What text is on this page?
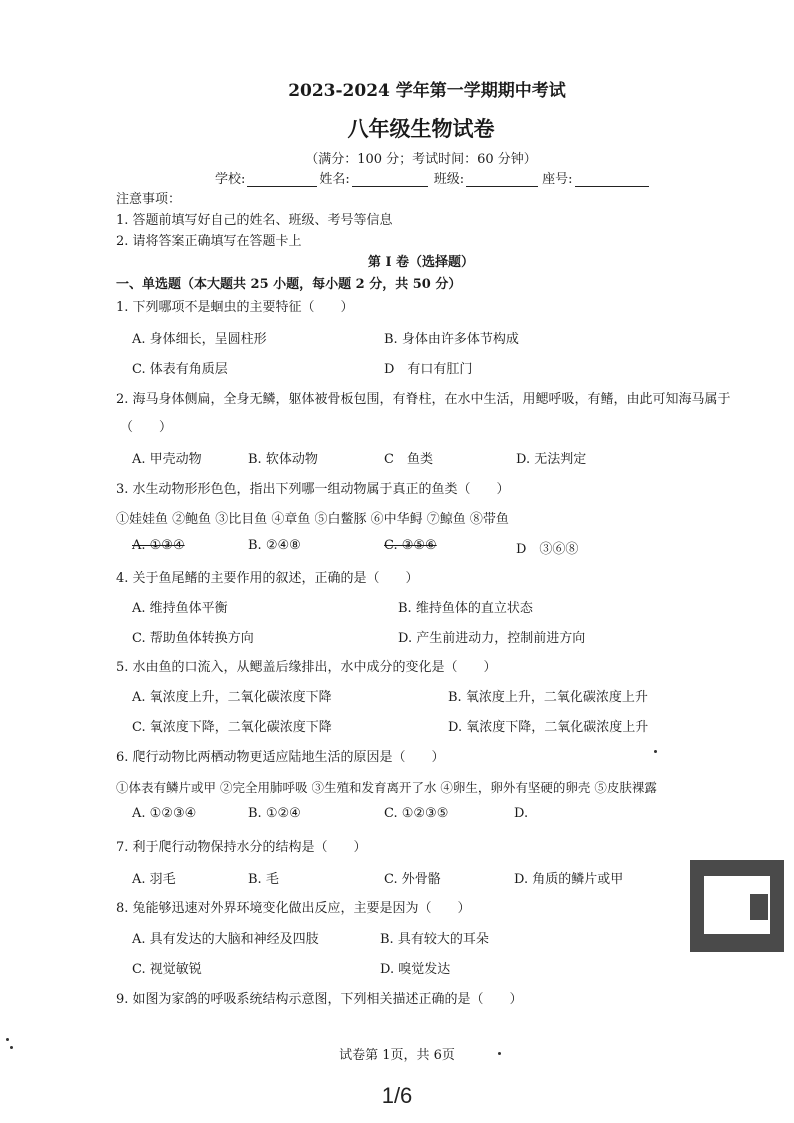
2023-2024 学年第一学期期中考试
八年级生物试卷
（满分：100 分；考试时间：60 分钟）
学校:	姓名:	班级:	座号:
注意事项：
1. 答题前填写好自己的姓名、班级、考号等信息
2. 请将答案正确填写在答题卡上
第 I 卷（选择题）
一、单选题（本大题共 25 小题，每小题 2 分，共 50 分）
1. 下列哪项不是蛔虫的主要特征（　　）
A. 身体细长，呈圆柱形	B. 身体由许多体节构成
C. 体表有角质层	D　有口有肛门
2. 海马身体侧扁，全身无鳞，躯体被骨板包围，有脊柱，在水中生活，用鳃呼吸，有鳍，由此可知海马属于
（　　）
A. 甲壳动物	B. 软体动物	C　鱼类	D. 无法判定
3. 水生动物形形色色，指出下列哪一组动物属于真正的鱼类（　　）
①娃娃鱼 ②鲍鱼 ③比目鱼 ④章鱼 ⑤白鳖豚 ⑥中华鲟 ⑦鲸鱼 ⑧带鱼
A. ①③④	B. ②④⑧	C. ③⑤⑥	D　③⑥⑧
4. 关于鱼尾鳍的主要作用的叙述，正确的是（　　）
A. 维持鱼体平衡	B. 维持鱼体的直立状态
C. 帮助鱼体转换方向	D. 产生前进动力，控制前进方向
5. 水由鱼的口流入，从鳃盖后缘排出，水中成分的变化是（　　）
A. 氧浓度上升，二氧化碳浓度下降	B. 氧浓度上升，二氧化碳浓度上升
C. 氧浓度下降，二氧化碳浓度下降	D. 氧浓度下降，二氧化碳浓度上升
6. 爬行动物比两栖动物更适应陆地生活的原因是（　　）
①体表有鳞片或甲 ②完全用肺呼吸 ③生殖和发育离开了水 ④卵生，卵外有坚硬的卵壳 ⑤皮肤裸露
A. ①②③④	B. ①②④	C. ①②③⑤	D.
7. 利于爬行动物保持水分的结构是（　　）
A. 羽毛	B. 毛	C. 外骨骼	D. 角质的鳞片或甲
8. 兔能够迅速对外界环境变化做出反应，主要是因为（　　）
A. 具有发达的大脑和神经及四肢	B. 具有较大的耳朵
C. 视觉敏锐	D. 嗅觉发达
9. 如图为家鸽的呼吸系统结构示意图，下列相关描述正确的是（　　）
试卷第 1页，共 6页
1/6
